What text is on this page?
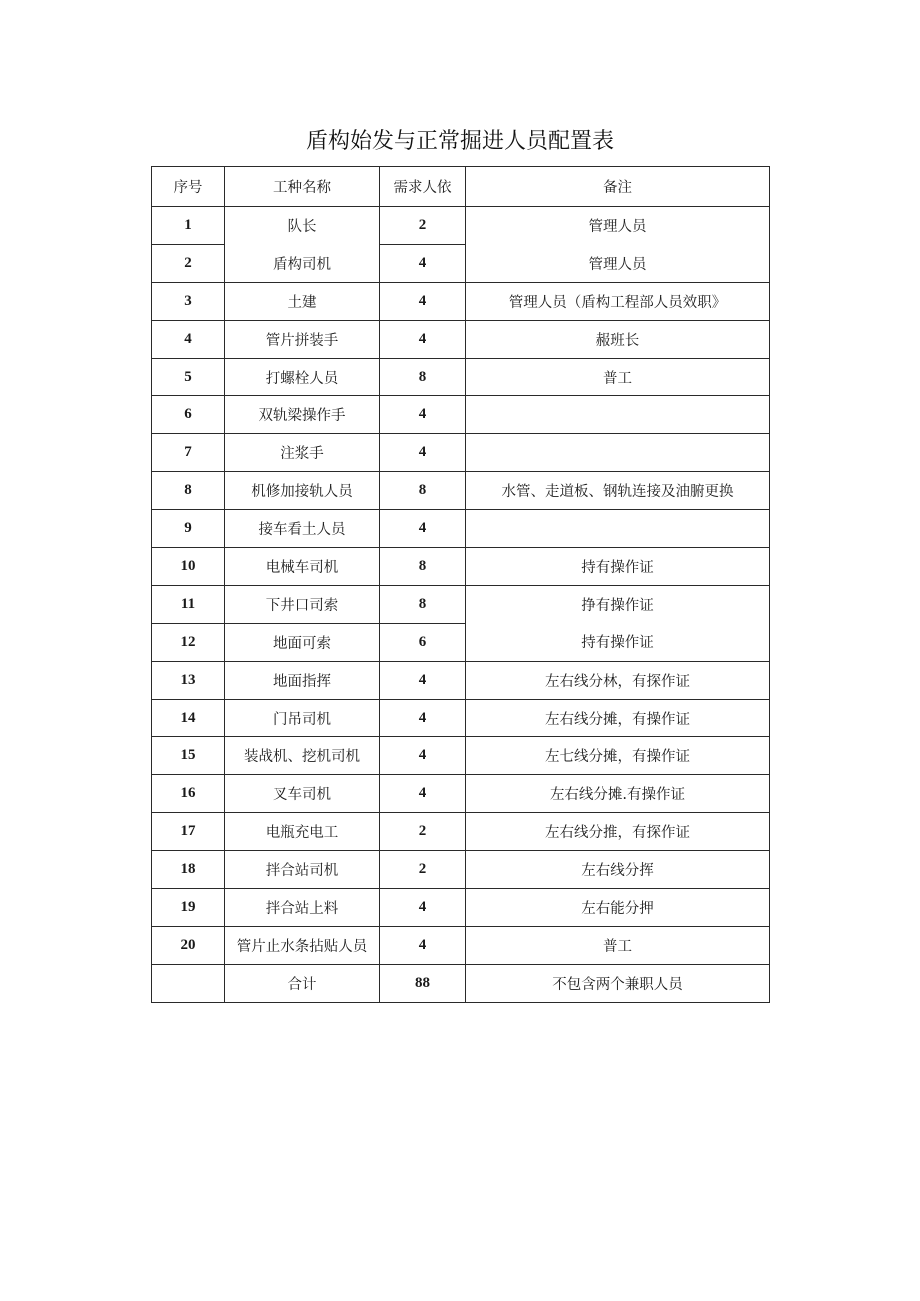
盾构始发与正常掘进人员配置表
序号	工种名称	需求人依	备注
1	队长	2	管理人员
2	盾构司机	4	管理人员
3	土建	4	管理人员（盾构工程部人员效职》
4	管片拼装手	4	赧班长
5	打螺栓人员	8	普工
6	双轨梁操作手	4	
7	注浆手	4	
8	机修加接轨人员	8	水管、走道板、钢轨连接及油腑更换
9	接车看土人员	4	
10	电械车司机	8	持有操作证
11	下井口司索	8	挣有操作证
12	地面可索	6	持有操作证
13	地面指挥	4	左右线分林，有探作证
14	门吊司机	4	左右线分摊，有操作证
15	装战机、挖机司机	4	左七线分摊，有操作证
16	叉车司机	4	左右线分摊.有操作证
17	电瓶充电工	2	左右线分推，有探作证
18	拌合站司机	2	左右线分挥
19	拌合站上料	4	左右能分押
20	管片止水条拈贴人员	4	普工
	合计	88	不包含两个兼职人员
